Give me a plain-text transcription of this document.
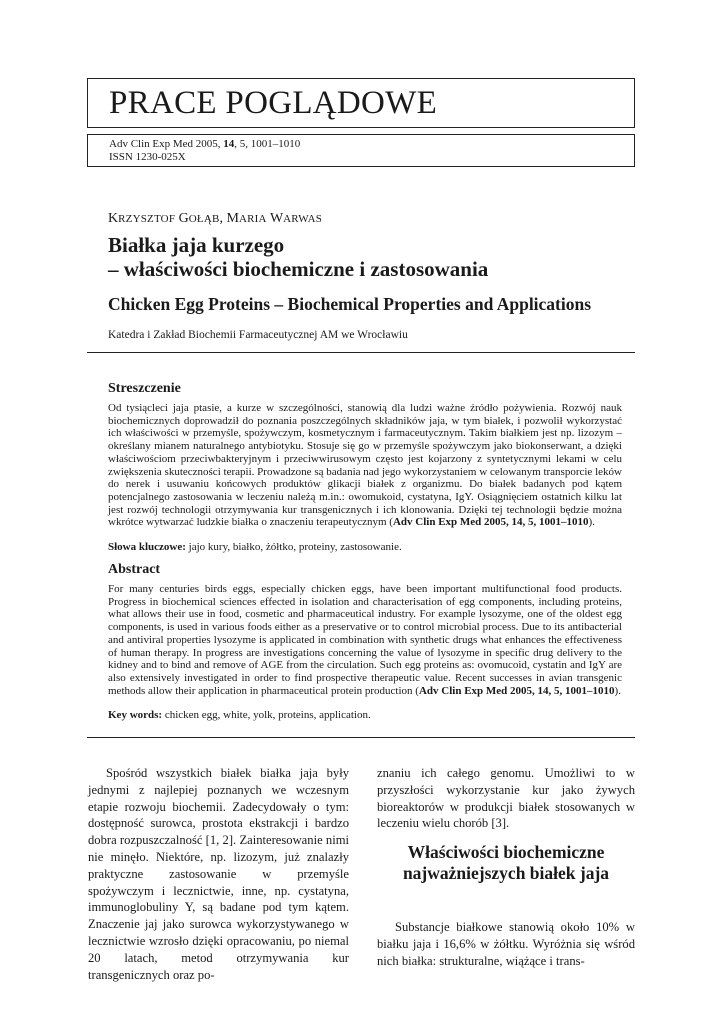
PRACE POGLĄDOWE
Adv Clin Exp Med 2005, 14, 5, 1001–1010
ISSN 1230-025X
KRZYSZTOF GOŁĄB, MARIA WARWAS
Białka jaja kurzego
– właściwości biochemiczne i zastosowania
Chicken Egg Proteins – Biochemical Properties and Applications
Katedra i Zakład Biochemii Farmaceutycznej AM we Wrocławiu
Streszczenie

Od tysiącleci jaja ptasie, a kurze w szczególności, stanowią dla ludzi ważne źródło pożywienia. Rozwój nauk biochemicznych doprowadził do poznania poszczególnych składników jaja, w tym białek, i pozwolił wykorzystać ich właściwości w przemyśle, spożywczym, kosmetycznym i farmaceutycznym. Takim białkiem jest np. lizozym – określany mianem naturalnego antybiotyku. Stosuje się go w przemyśle spożywczym jako biokonserwant, a dzięki właściwościom przeciwbakteryjnym i przeciwwirusowym często jest kojarzony z syntetycznymi lekami w celu zwiększenia skuteczności terapii. Prowadzone są badania nad jego wykorzystaniem w celowanym transporcie leków do nerek i usuwaniu końcowych produktów glikacji białek z organizmu. Do białek badanych pod kątem potencjalnego zastosowania w leczeniu należą m.in.: owomukoid, cystatyna, IgY. Osiągnięciem ostatnich kilku lat jest rozwój technologii otrzymywania kur transgenicznych i ich klonowania. Dzięki tej technologii będzie można wkrótce wytwarzać ludzkie białka o znaczeniu terapeutycznym (Adv Clin Exp Med 2005, 14, 5, 1001–1010).

Słowa kluczowe: jajo kury, białko, żółtko, proteiny, zastosowanie.
Abstract

For many centuries birds eggs, especially chicken eggs, have been important multifunctional food products. Progress in biochemical sciences effected in isolation and characterisation of egg components, including proteins, what allows their use in food, cosmetic and pharmaceutical industry. For example lysozyme, one of the oldest egg components, is used in various foods either as a preservative or to control microbial process. Due to its antibacterial and antiviral properties lysozyme is applicated in combination with synthetic drugs what enhances the effectiveness of human therapy. In progress are investigations concerning the value of lysozyme in specific drug delivery to the kidney and to bind and remove of AGE from the circulation. Such egg proteins as: ovomucoid, cystatin and IgY are also extensively investigated in order to find prospective therapeutic value. Recent successes in avian transgenic methods allow their application in pharmaceutical protein production (Adv Clin Exp Med 2005, 14, 5, 1001–1010).

Key words: chicken egg, white, yolk, proteins, application.

Spośród wszystkich białek białka jaja były jednymi z najlepiej poznanych we wczesnym etapie rozwoju biochemii. Zadecydowały o tym: dostępność surowca, prostota ekstrakcji i bardzo dobra rozpuszczalność [1, 2]. Zainteresowanie nimi nie minęło. Niektóre, np. lizozym, już znalazły praktyczne zastosowanie w przemyśle spożywczym i lecznictwie, inne, np. cystatyna, immunoglobuliny Y, są badane pod tym kątem. Znaczenie jaj jako surowca wykorzystywanego w lecznictwie wzrosło dzięki opracowaniu, po niemal 20 latach, metod otrzymywania kur transgenicznych oraz po-

znaniu ich całego genomu. Umożliwi to w przyszłości wykorzystanie kur jako żywych bioreaktorów w produkcji białek stosowanych w leczeniu wielu chorób [3].

Właściwości biochemiczne
najważniejszych białek jaja

Substancje białkowe stanowią około 10% w białku jaja i 16,6% w żółtku. Wyróżnia się wśród nich białka: strukturalne, wiążące i trans-
